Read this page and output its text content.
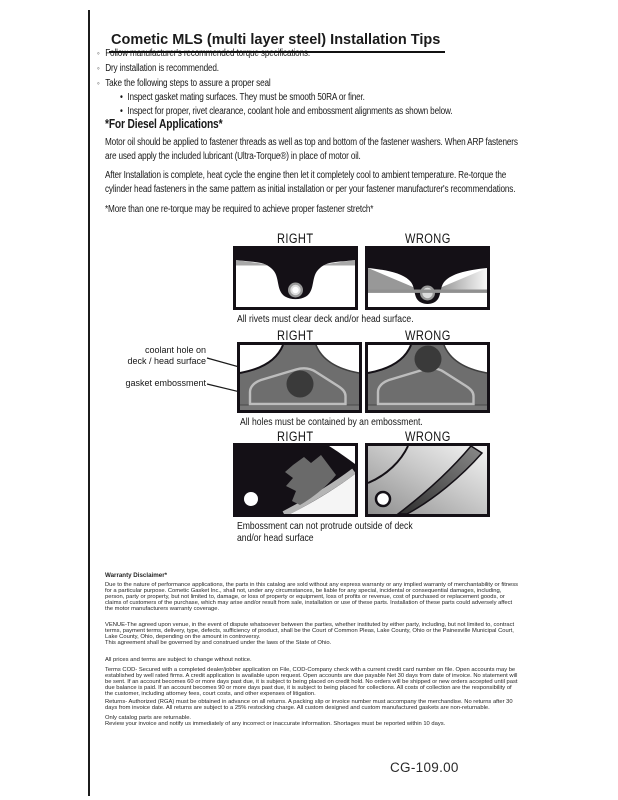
Cometic MLS (multi layer steel) Installation Tips
◦ Follow manufacturer's recommended torque specifications.
◦ Dry installation is recommended.
◦ Take the following steps to assure a proper seal
• Inspect gasket mating surfaces. They must be smooth 50RA or finer.
• Inspect for proper, rivet clearance, coolant hole and embossment alignments as shown below.
*For Diesel Applications*

Motor oil should be applied to fastener threads as well as top and bottom of the fastener washers. When ARP fasteners are used apply the included lubricant (Ultra-Torque®) in place of motor oil.

After Installation is complete, heat cycle the engine then let it completely cool to ambient temperature. Re-torque the cylinder head fasteners in the same pattern as initial installation or per your fastener manufacturer's recommendations.

*More than one re-torque may be required to achieve proper fastener stretch*

RIGHT	WRONG
All rivets must clear deck and/or head surface.
RIGHT	WRONG
coolant hole on
deck / head surface
gasket embossment
All holes must be contained by an embossment.
RIGHT	WRONG
Embossment can not protrude outside of deck
and/or head surface

Warranty Disclaimer*

Due to the nature of performance applications, the parts in this catalog are sold without any express warranty or any implied warranty of merchantability or fitness for a particular purpose. Cometic Gasket Inc., shall not, under any circumstances, be liable for any special, incidental or consequential damages, including, person, party or property, but not limited to, damage, or loss of property or equipment, loss of profits or revenue, cost of purchased or replacement goods, or claims of customers of the purchase, which may arise and/or result from sale, installation or use of these parts. Installation of these parts could adversely affect the motor manufacturers warranty coverage.

VENUE-The agreed upon venue, in the event of dispute whatsoever between the parties, whether instituted by either party, including, but not limited to, contract terms, payment terms, delivery, type, defects, sufficiency of product, shall be the Court of Common Pleas, Lake County, Ohio or the Painesville Municipal Court, Lake County, Ohio, depending on the amount in controversy.

This agreement shall be governed by and construed under the laws of the State of Ohio.

All prices and terms are subject to change without notice.

Terms COD- Secured with a completed dealer/jobber application on File, COD-Company check with a current credit card number on file. Open accounts may be established by well rated firms. A credit application is available upon request. Open accounts are due payable Net 30 days from date of invoice. No statement will be sent. If an account becomes 60 or more days past due, it is subject to being placed on credit hold. No orders will be shipped or new orders accepted until past due balance is paid. If an account becomes 90 or more days past due, it is subject to being placed for collections. All costs of collection are the responsibility of the customer, including attorney fees, court costs, and other expenses of litigation.

Returns- Authorized (RGA) must be obtained in advance on all returns. A packing slip or invoice number must accompany the merchandise. No returns after 30 days from invoice date. All returns are subject to a 25% restocking charge. All custom designed and custom manufactured gaskets are non-returnable.

Only catalog parts are returnable.

Review your invoice and notify us immediately of any incorrect or inaccurate information. Shortages must be reported within 10 days.

CG-109.00
